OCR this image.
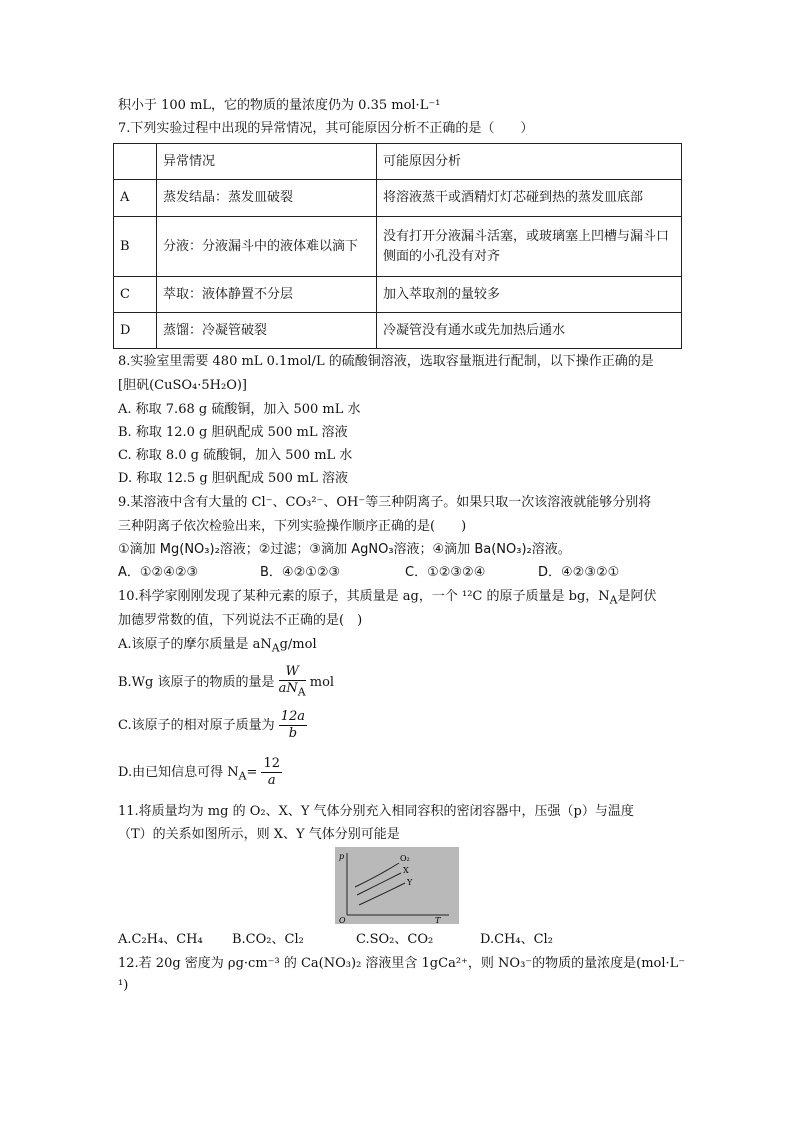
积小于 100 mL，它的物质的量浓度仍为 0.35 mol·L⁻¹
7.下列实验过程中出现的异常情况，其可能原因分析不正确的是（　　）
	异常情况	可能原因分析
A	蒸发结晶：蒸发皿破裂	将溶液蒸干或酒精灯灯芯碰到热的蒸发皿底部
B	分液：分液漏斗中的液体难以滴下	没有打开分液漏斗活塞，或玻璃塞上凹槽与漏斗口侧面的小孔没有对齐
C	萃取：液体静置不分层	加入萃取剂的量较多
D	蒸馏：冷凝管破裂	冷凝管没有通水或先加热后通水
8.实验室里需要 480 mL 0.1mol/L 的硫酸铜溶液，选取容量瓶进行配制，以下操作正确的是
[胆矾(CuSO₄·5H₂O)]
A. 称取 7.68 g 硫酸铜，加入 500 mL 水
B. 称取 12.0 g 胆矾配成 500 mL 溶液
C. 称取 8.0 g 硫酸铜，加入 500 mL 水
D. 称取 12.5 g 胆矾配成 500 mL 溶液
9.某溶液中含有大量的 Cl⁻、CO₃²⁻、OH⁻等三种阴离子。如果只取一次该溶液就能够分别将
三种阴离子依次检验出来，下列实验操作顺序正确的是(　　)
①滴加 Mg(NO₃)₂溶液；②过滤；③滴加 AgNO₃溶液；④滴加 Ba(NO₃)₂溶液。
A．①②④②③	B．④②①②③	C．①②③②④	D．④②③②①
10.科学家刚刚发现了某种元素的原子，其质量是 ag，一个 ¹²C 的原子质量是 bg，$N_A$是阿伏
加德罗常数的值，下列说法不正确的是(　)
A.该原子的摩尔质量是 $aN_Ag$/mol
B.Wg 该原子的物质的量是 $\frac{W}{aN_A}$ mol
C.该原子的相对原子质量为 $\frac{12a}{b}$
D.由已知信息可得 $N_A= \frac{12}{a}$
11.将质量均为 mg 的 O₂、X、Y 气体分别充入相同容积的密闭容器中，压强（p）与温度
（T）的关系如图所示，则 X、Y 气体分别可能是
p
T
O
O₂
X
Y
A.C₂H₄、CH₄ B.CO₂、Cl₂	C.SO₂、CO₂	D.CH₄、Cl₂
12.若 20g 密度为 ρg·cm⁻³ 的 Ca(NO₃)₂ 溶液里含 1gCa²⁺，则 NO₃⁻的物质的量浓度是(mol·L⁻
¹)
